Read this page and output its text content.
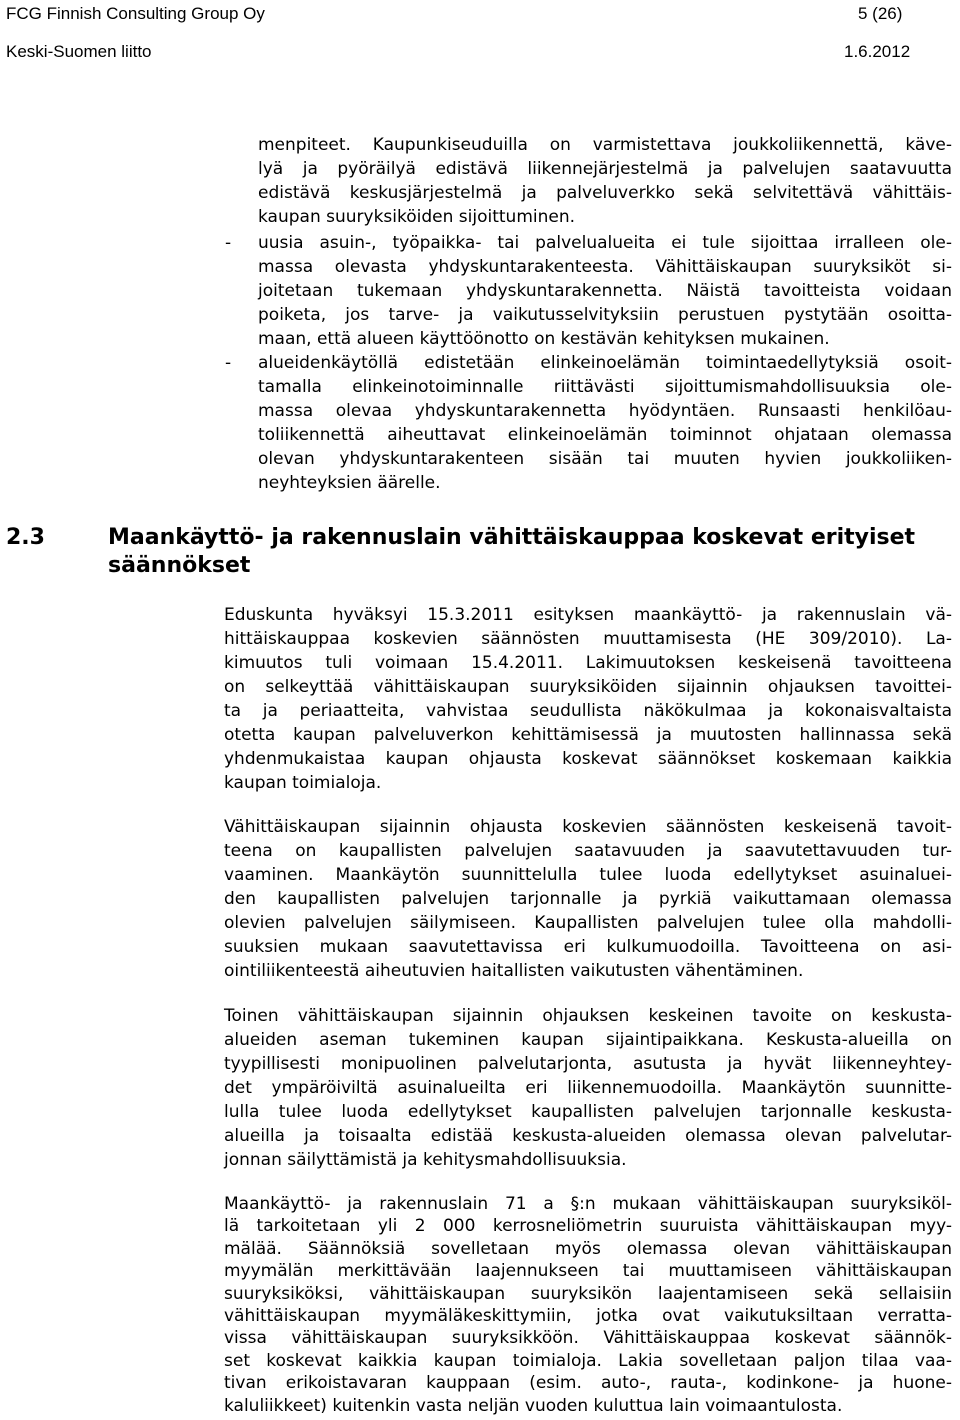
FCG Finnish Consulting Group Oy	5 (26)
Keski-Suomen liitto	1.6.2012
menpiteet. Kaupunkiseuduilla on varmistettava joukkoliikennettä, käve-
lyä ja pyöräilyä edistävä liikennejärjestelmä ja palvelujen saatavuutta
edistävä keskusjärjestelmä ja palveluverkko sekä selvitettävä vähittäis-
kaupan suuryksiköiden sijoittuminen.
- uusia asuin-, työpaikka- tai palvelualueita ei tule sijoittaa irralleen ole-
massa olevasta yhdyskuntarakenteesta. Vähittäiskaupan suuryksiköt si-
joitetaan tukemaan yhdyskuntarakennetta. Näistä tavoitteista voidaan
poiketa, jos tarve- ja vaikutusselvityksiin perustuen pystytään osoitta-
maan, että alueen käyttöönotto on kestävän kehityksen mukainen.
- alueidenkäytöllä edistetään elinkeinoelämän toimintaedellytyksiä osoit-
tamalla elinkeinotoiminnalle riittävästi sijoittumismahdollisuuksia ole-
massa olevaa yhdyskuntarakennetta hyödyntäen. Runsaasti henkilöau-
toliikennettä aiheuttavat elinkeinoelämän toiminnot ohjataan olemassa
olevan yhdyskuntarakenteen sisään tai muuten hyvien joukkoliiken-
neyhteyksien äärelle.
2.3	Maankäyttö- ja rakennuslain vähittäiskauppaa koskevat erityiset
säännökset
Eduskunta hyväksyi 15.3.2011 esityksen maankäyttö- ja rakennuslain vä-
hittäiskauppaa koskevien säännösten muuttamisesta (HE 309/2010). La-
kimuutos tuli voimaan 15.4.2011. Lakimuutoksen keskeisenä tavoitteena
on selkeyttää vähittäiskaupan suuryksiköiden sijainnin ohjauksen tavoittei-
ta ja periaatteita, vahvistaa seudullista näkökulmaa ja kokonaisvaltaista
otetta kaupan palveluverkon kehittämisessä ja muutosten hallinnassa sekä
yhdenmukaistaa kaupan ohjausta koskevat säännökset koskemaan kaikkia
kaupan toimialoja.
Vähittäiskaupan sijainnin ohjausta koskevien säännösten keskeisenä tavoit-
teena on kaupallisten palvelujen saatavuuden ja saavutettavuuden tur-
vaaminen. Maankäytön suunnittelulla tulee luoda edellytykset asuinaluei-
den kaupallisten palvelujen tarjonnalle ja pyrkiä vaikuttamaan olemassa
olevien palvelujen säilymiseen. Kaupallisten palvelujen tulee olla mahdolli-
suuksien mukaan saavutettavissa eri kulkumuodoilla. Tavoitteena on asi-
ointiliikenteestä aiheutuvien haitallisten vaikutusten vähentäminen.
Toinen vähittäiskaupan sijainnin ohjauksen keskeinen tavoite on keskusta-
alueiden aseman tukeminen kaupan sijaintipaikkana. Keskusta-alueilla on
tyypillisesti monipuolinen palvelutarjonta, asutusta ja hyvät liikenneyhtey-
det ympäröiviltä asuinalueilta eri liikennemuodoilla. Maankäytön suunnitte-
lulla tulee luoda edellytykset kaupallisten palvelujen tarjonnalle keskusta-
alueilla ja toisaalta edistää keskusta-alueiden olemassa olevan palvelutar-
jonnan säilyttämistä ja kehitysmahdollisuuksia.
Maankäyttö- ja rakennuslain 71 a §:n mukaan vähittäiskaupan suuryksiköl-
lä tarkoitetaan yli 2 000 kerrosneliömetrin suuruista vähittäiskaupan myy-
mälää. Säännöksiä sovelletaan myös olemassa olevan vähittäiskaupan
myymälän merkittävään laajennukseen tai muuttamiseen vähittäiskaupan
suuryksiköksi, vähittäiskaupan suuryksikön laajentamiseen sekä sellaisiin
vähittäiskaupan myymäläkeskittymiin, jotka ovat vaikutuksiltaan verratta-
vissa vähittäiskaupan suuryksikköön. Vähittäiskauppaa koskevat säännök-
set koskevat kaikkia kaupan toimialoja. Lakia sovelletaan paljon tilaa vaa-
tivan erikoistavaran kauppaan (esim. auto-, rauta-, kodinkone- ja huone-
kaluliikkeet) kuitenkin vasta neljän vuoden kuluttua lain voimaantulosta.
